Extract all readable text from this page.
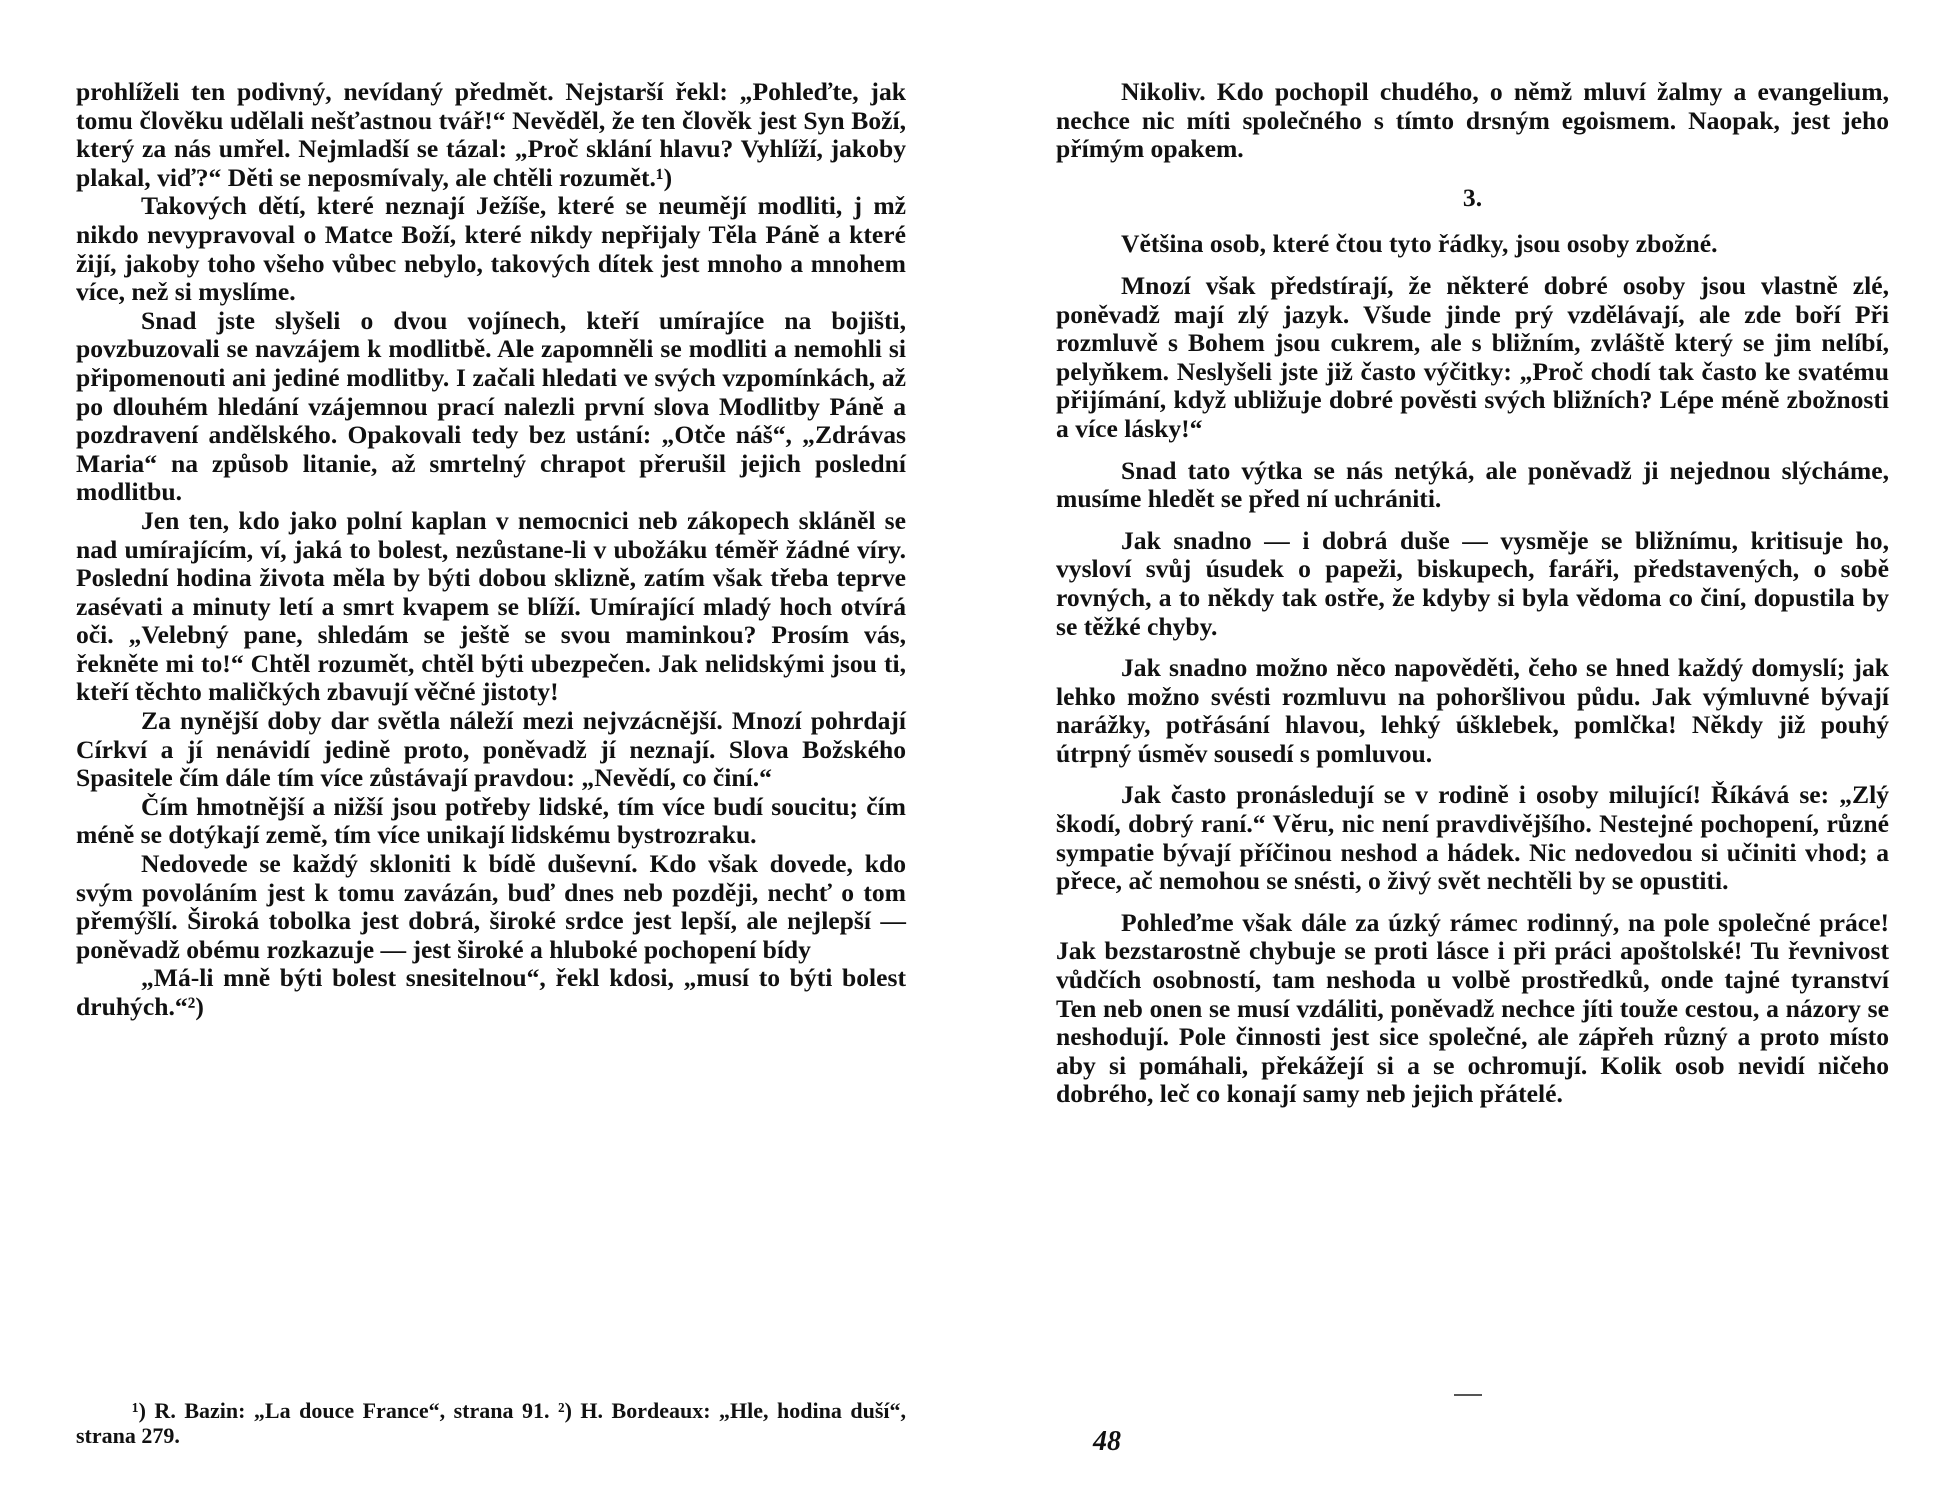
prohlíželi ten podivný, nevídaný předmět. Nejstarší řekl: „Pohleďte, jak tomu člověku udělali nešťastnou tvář!“ Nevěděl, že ten člověk jest Syn Boží, který za nás umřel. Nejmladší se tázal: „Proč sklání hlavu? Vyhlíží, jakoby plakal, viď?“ Děti se neposmívaly, ale chtěli rozumět.¹)

Takových dětí, které neznají Ježíše, které se neumějí modliti, j mž nikdo nevypravoval o Matce Boží, které nikdy nepřijaly Těla Páně a které žijí, jakoby toho všeho vůbec nebylo, takových dítek jest mnoho a mnohem více, než si myslíme.

Snad jste slyšeli o dvou vojínech, kteří umírajíce na bojišti, povzbuzovali se navzájem k modlitbě. Ale zapomněli se modliti a nemohli si připomenouti ani jediné modlitby. I začali hledati ve svých vzpomínkách, až po dlouhém hledání vzájemnou prací nalezli první slova Modlitby Páně a pozdravení andělského. Opakovali tedy bez ustání: „Otče náš“, „Zdrávas Maria“ na způsob litanie, až smrtelný chrapot přerušil jejich poslední modlitbu.

Jen ten, kdo jako polní kaplan v nemocnici neb zákopech skláněl se nad umírajícím, ví, jaká to bolest, nezůstane-li v ubožáku téměř žádné víry. Poslední hodina života měla by býti dobou sklizně, zatím však třeba teprve zasévati a minuty letí a smrt kvapem se blíží. Umírající mladý hoch otvírá oči. „Velebný pane, shledám se ještě se svou maminkou? Prosím vás, řekněte mi to!“ Chtěl rozumět, chtěl býti ubezpečen. Jak nelidskými jsou ti, kteří těchto maličkých zbavují věčné jistoty!

Za nynější doby dar světla náleží mezi nejvzácnější. Mnozí pohrdají Církví a jí nenávidí jedině proto, poněvadž jí neznají. Slova Božského Spasitele čím dále tím více zůstávají pravdou: „Nevědí, co činí.“

Čím hmotnější a nižší jsou potřeby lidské, tím více budí soucitu; čím méně se dotýkají země, tím více unikají lidskému bystrozraku.

Nedovede se každý skloniti k bídě duševní. Kdo však dovede, kdo svým povoláním jest k tomu zavázán, buď dnes neb později, nechť o tom přemýšlí. Široká tobolka jest dobrá, široké srdce jest lepší, ale nejlepší — poněvadž obému rozkazuje — jest široké a hluboké pochopení bídy

„Má-li mně býti bolest snesitelnou“, řekl kdosi, „musí to býti bolest druhých.“²)

¹) R. Bazin: „La douce France“, strana 91. ²) H. Bordeaux: „Hle, hodina duší“, strana 279.

Nikoliv. Kdo pochopil chudého, o němž mluví žalmy a evangelium, nechce nic míti společného s tímto drsným egoismem. Naopak, jest jeho přímým opakem.

3.

Většina osob, které čtou tyto řádky, jsou osoby zbožné.

Mnozí však předstírají, že některé dobré osoby jsou vlastně zlé, poněvadž mají zlý jazyk. Všude jinde prý vzdělávají, ale zde boří Při rozmluvě s Bohem jsou cukrem, ale s bližním, zvláště který se jim nelíbí, pelyňkem. Neslyšeli jste již často výčitky: „Proč chodí tak často ke svatému přijímání, když ubližuje dobré pověsti svých bližních? Lépe méně zbožnosti a více lásky!“

Snad tato výtka se nás netýká, ale poněvadž ji nejednou slýcháme, musíme hledět se před ní uchrániti.

Jak snadno — i dobrá duše — vysměje se bližnímu, kritisuje ho, vysloví svůj úsudek o papeži, biskupech, faráři, představených, o sobě rovných, a to někdy tak ostře, že kdyby si byla vědoma co činí, dopustila by se těžké chyby.

Jak snadno možno něco napověděti, čeho se hned každý domyslí; jak lehko možno svésti rozmluvu na pohoršlivou půdu. Jak výmluvné bývají narážky, potřásání hlavou, lehký úšklebek, pomlčka! Někdy již pouhý útrpný úsměv sousedí s pomluvou.

Jak často pronásledují se v rodině i osoby milující! Říkává se: „Zlý škodí, dobrý raní.“ Věru, nic není pravdivějšího. Nestejné pochopení, různé sympatie bývají příčinou neshod a hádek. Nic nedovedou si učiniti vhod; a přece, ač nemohou se snésti, o živý svět nechtěli by se opustiti.

Pohleďme však dále za úzký rámec rodinný, na pole společné práce! Jak bezstarostně chybuje se proti lásce i při práci apoštolské! Tu řevnivost vůdčích osobností, tam neshoda u volbě prostředků, onde tajné tyranství Ten neb onen se musí vzdáliti, poněvadž nechce jíti touže cestou, a názory se neshodují. Pole činnosti jest sice společné, ale zápřeh různý a proto místo aby si pomáhali, překážejí si a se ochromují. Kolik osob nevidí ničeho dobrého, leč co konají samy neb jejich přátelé.

48
